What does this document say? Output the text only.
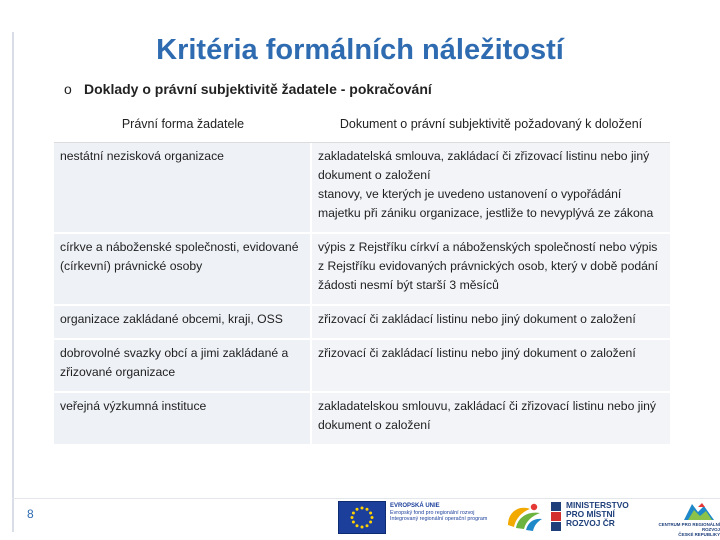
Kritéria formálních náležitostí
o Doklady o právní subjektivitě žadatele - pokračování
Právní forma žadatele	Dokument o právní subjektivitě požadovaný k doložení
nestátní nezisková organizace	zakladatelská smlouva, zakládací či zřizovací listinu nebo jiný dokument o založení
stanovy, ve kterých je uvedeno ustanovení o vypořádání majetku při zániku organizace, jestliže to nevyplývá ze zákona

církve a náboženské společnosti, evidované (církevní) právnické osoby	výpis z Rejstříku církví a náboženských společností nebo výpis z Rejstříku evidovaných právnických osob, který v době podání žádosti nesmí být starší 3 měsíců

organizace zakládané obcemi, kraji, OSS	zřizovací či zakládací listinu nebo jiný dokument o založení

dobrovolné svazky obcí a jimi zakládané a zřizované organizace	zřizovací či zakládací listinu nebo jiný dokument o založení

veřejná výzkumná instituce	zakladatelskou smlouvu, zakládací či zřizovací listinu nebo jiný dokument o založení
8
EVROPSKÁ UNIE
Evropský fond pro regionální rozvoj
Integrovaný regionální operační program
MINISTERSTVO
PRO MÍSTNÍ
ROZVOJ ČR	CENTRUM PRO REGIONÁLNÍ ROZVOJ
ČESKÉ REPUBLIKY
